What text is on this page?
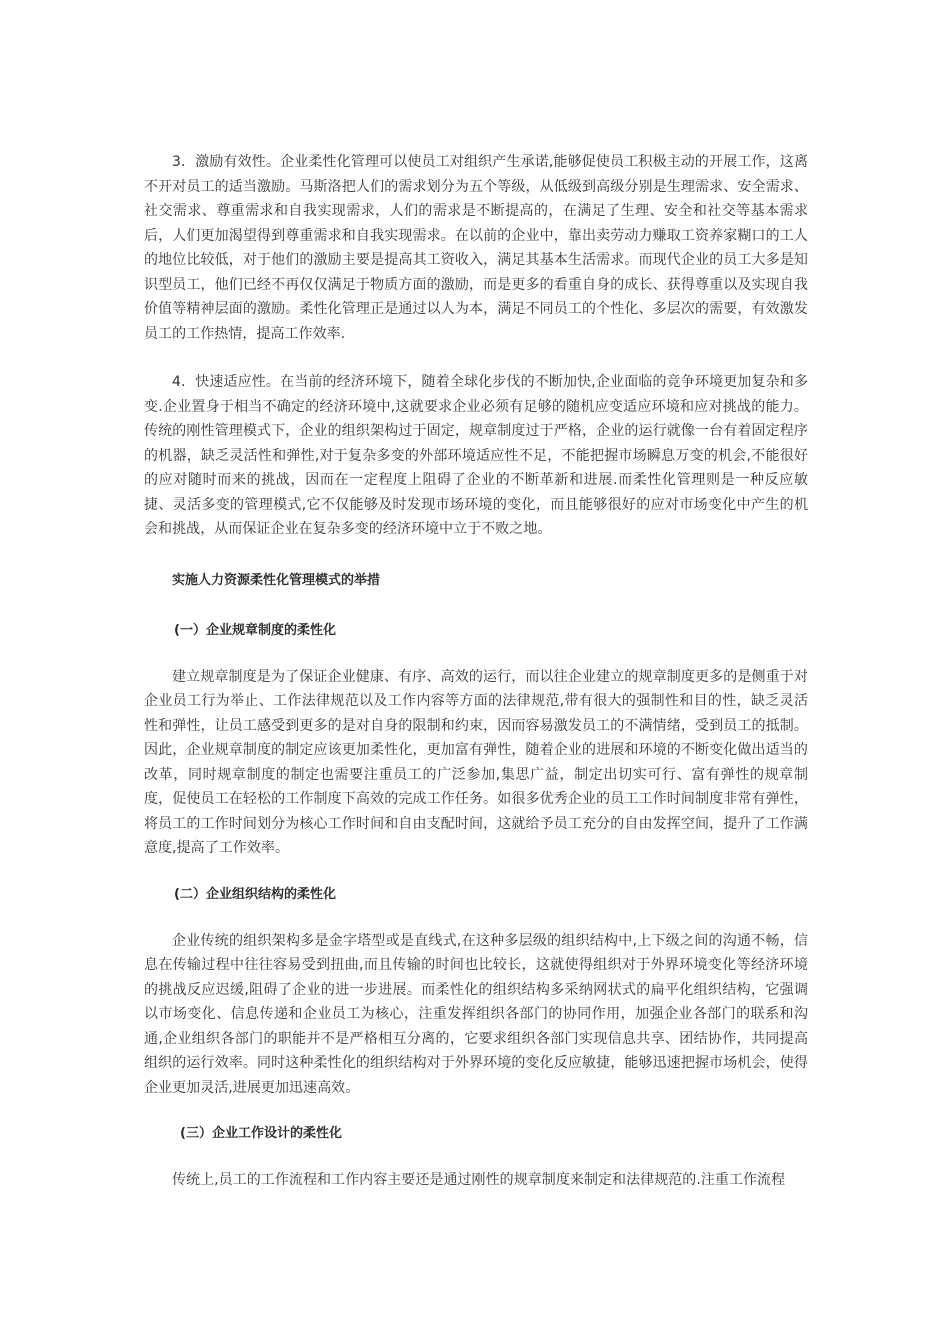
3．激励有效性。企业柔性化管理可以使员工对组织产生承诺,能够促使员工积极主动的开展工作，这离不开对员工的适当激励。马斯洛把人们的需求划分为五个等级，从低级到高级分别是生理需求、安全需求、社交需求、尊重需求和自我实现需求，人们的需求是不断提高的，在满足了生理、安全和社交等基本需求后，人们更加渴望得到尊重需求和自我实现需求。在以前的企业中，靠出卖劳动力赚取工资养家糊口的工人的地位比较低，对于他们的激励主要是提高其工资收入，满足其基本生活需求。而现代企业的员工大多是知识型员工，他们已经不再仅仅满足于物质方面的激励，而是更多的看重自身的成长、获得尊重以及实现自我价值等精神层面的激励。柔性化管理正是通过以人为本，满足不同员工的个性化、多层次的需要，有效激发员工的工作热情，提高工作效率.

4．快速适应性。在当前的经济环境下，随着全球化步伐的不断加快,企业面临的竞争环境更加复杂和多变.企业置身于相当不确定的经济环境中,这就要求企业必须有足够的随机应变适应环境和应对挑战的能力。传统的刚性管理模式下，企业的组织架构过于固定，规章制度过于严格，企业的运行就像一台有着固定程序的机器，缺乏灵活性和弹性,对于复杂多变的外部环境适应性不足，不能把握市场瞬息万变的机会,不能很好的应对随时而来的挑战，因而在一定程度上阻碍了企业的不断革新和进展.而柔性化管理则是一种反应敏捷、灵活多变的管理模式,它不仅能够及时发现市场环境的变化，而且能够很好的应对市场变化中产生的机会和挑战，从而保证企业在复杂多变的经济环境中立于不败之地。

实施人力资源柔性化管理模式的举措

(一）企业规章制度的柔性化

建立规章制度是为了保证企业健康、有序、高效的运行，而以往企业建立的规章制度更多的是侧重于对企业员工行为举止、工作法律规范以及工作内容等方面的法律规范,带有很大的强制性和目的性，缺乏灵活性和弹性，让员工感受到更多的是对自身的限制和约束，因而容易激发员工的不满情绪，受到员工的抵制。因此，企业规章制度的制定应该更加柔性化，更加富有弹性，随着企业的进展和环境的不断变化做出适当的改革，同时规章制度的制定也需要注重员工的广泛参加,集思广益，制定出切实可行、富有弹性的规章制度，促使员工在轻松的工作制度下高效的完成工作任务。如很多优秀企业的员工工作时间制度非常有弹性，将员工的工作时间划分为核心工作时间和自由支配时间，这就给予员工充分的自由发挥空间，提升了工作满意度,提高了工作效率。

(二）企业组织结构的柔性化

企业传统的组织架构多是金字塔型或是直线式,在这种多层级的组织结构中,上下级之间的沟通不畅，信息在传输过程中往往容易受到扭曲,而且传输的时间也比较长，这就使得组织对于外界环境变化等经济环境的挑战反应迟缓,阻碍了企业的进一步进展。而柔性化的组织结构多采纳网状式的扁平化组织结构，它强调以市场变化、信息传递和企业员工为核心，注重发挥组织各部门的协同作用，加强企业各部门的联系和沟通,企业组织各部门的职能并不是严格相互分离的，它要求组织各部门实现信息共享、团结协作，共同提高组织的运行效率。同时这种柔性化的组织结构对于外界环境的变化反应敏捷，能够迅速把握市场机会，使得企业更加灵活,进展更加迅速高效。

(三）企业工作设计的柔性化

传统上,员工的工作流程和工作内容主要还是通过刚性的规章制度来制定和法律规范的.注重工作流程
